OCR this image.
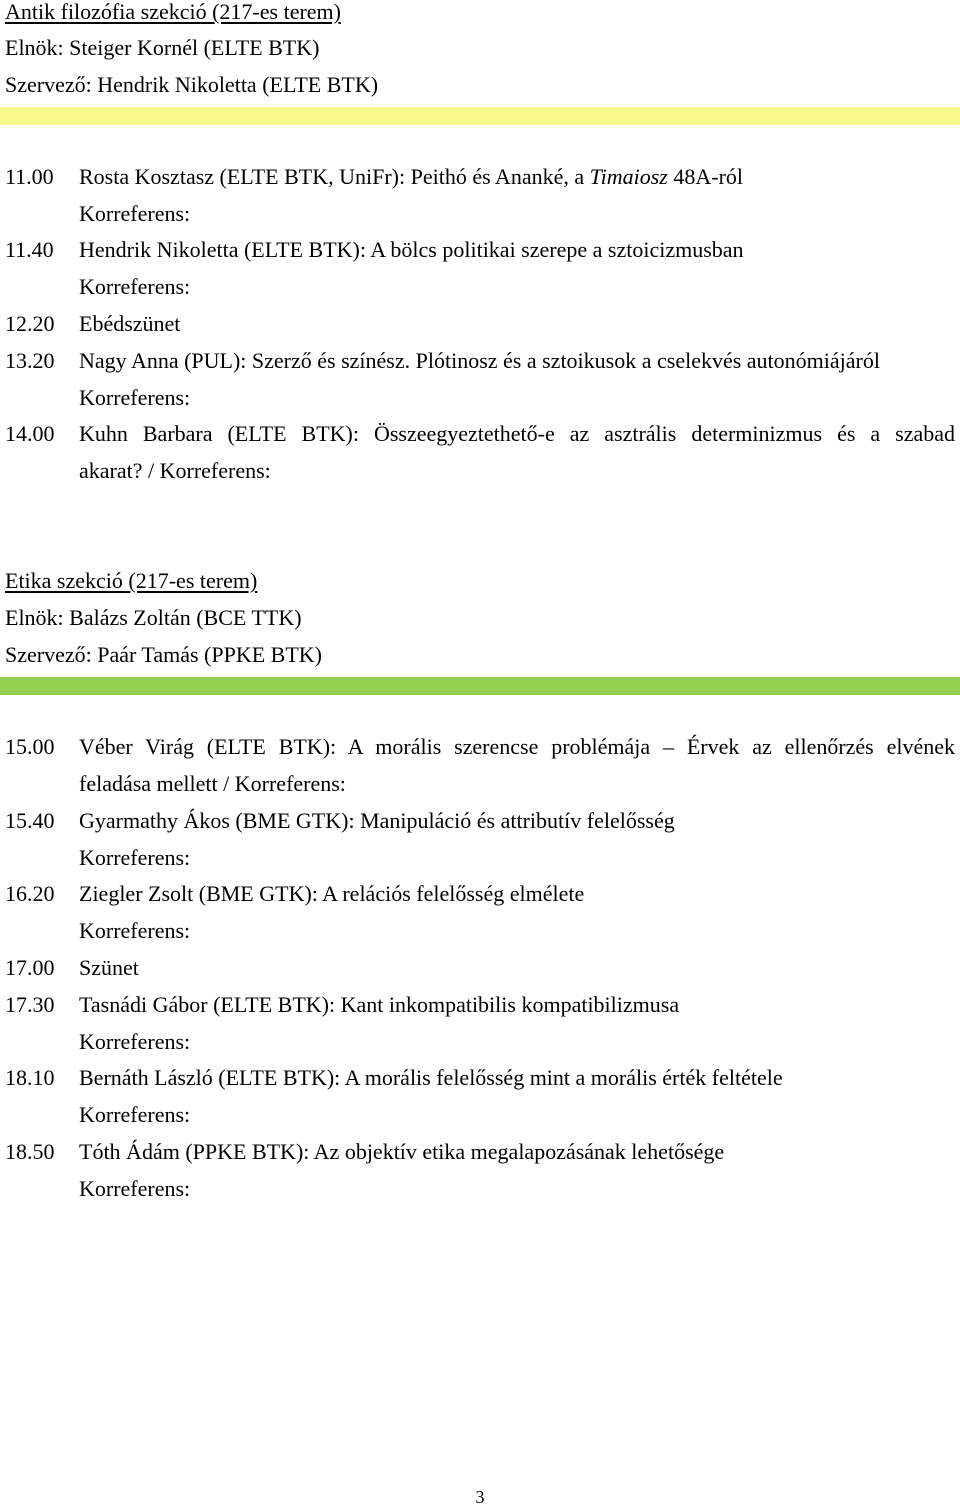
Antik filozófia szekció (217-es terem)
Elnök: Steiger Kornél (ELTE BTK)
Szervező: Hendrik Nikoletta (ELTE BTK)
11.00	Rosta Kosztasz (ELTE BTK, UniFr): Peithó és Ananké, a Timaiosz 48A-ról

Korreferens:

11.40	Hendrik Nikoletta (ELTE BTK): A bölcs politikai szerepe a sztoicizmusban

Korreferens:

12.20	Ebédszünet

13.20	Nagy Anna (PUL): Szerző és színész. Plótinosz és a sztoikusok a cselekvés autonómiájáról

Korreferens:

14.00	Kuhn Barbara (ELTE BTK): Összeegyeztethető-e az asztrális determinizmus és a szabad

akarat? / Korreferens:

Etika szekció (217-es terem)
Elnök: Balázs Zoltán (BCE TTK)
Szervező: Paár Tamás (PPKE BTK)
15.00	Véber Virág (ELTE BTK): A morális szerencse problémája – Érvek az ellenőrzés elvének

feladása mellett / Korreferens:

15.40	Gyarmathy Ákos (BME GTK): Manipuláció és attributív felelősség

Korreferens:

16.20	Ziegler Zsolt (BME GTK): A relációs felelősség elmélete

Korreferens:

17.00	Szünet

17.30	Tasnádi Gábor (ELTE BTK): Kant inkompatibilis kompatibilizmusa

Korreferens:

18.10	Bernáth László (ELTE BTK): A morális felelősség mint a morális érték feltétele

Korreferens:

18.50	Tóth Ádám (PPKE BTK): Az objektív etika megalapozásának lehetősége

Korreferens:

3
